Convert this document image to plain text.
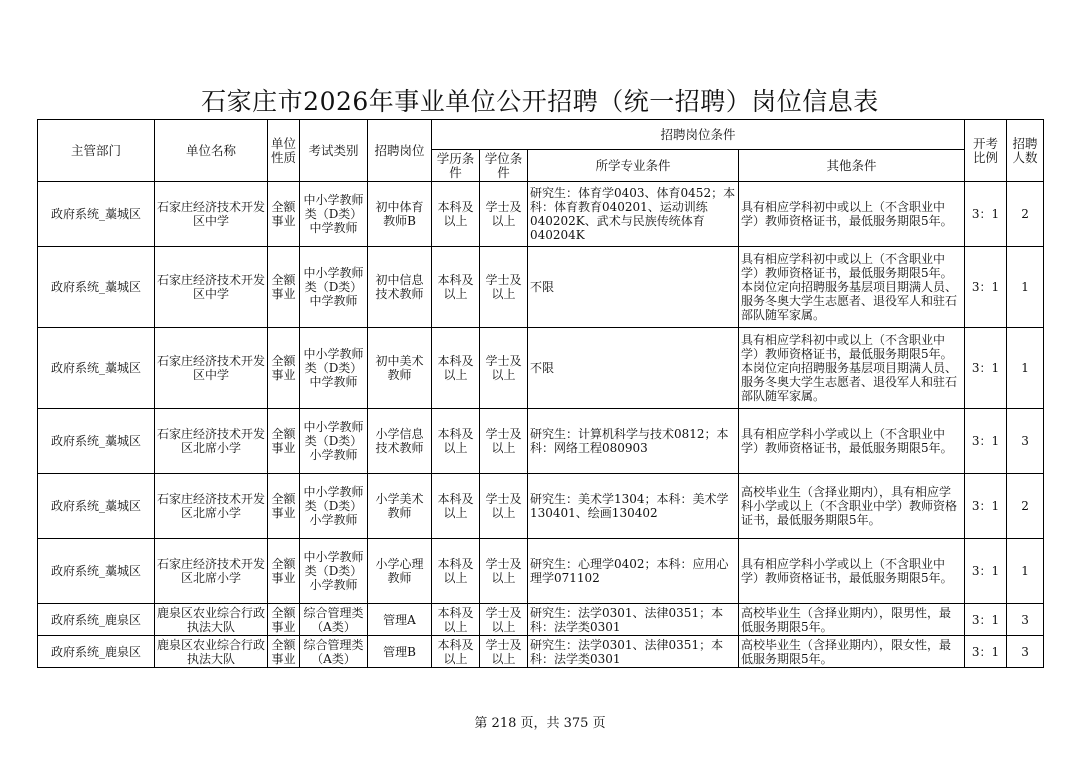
石家庄市2026年事业单位公开招聘（统一招聘）岗位信息表
主管部门	单位名称	单位性质	考试类别	招聘岗位	招聘岗位条件				开考比例	招聘人数
					学历条件	学位条件	所学专业条件	其他条件		
政府系统_藁城区	石家庄经济技术开发区中学	全额事业	中小学教师类（D类）中学教师	初中体育教师B	本科及以上	学士及以上	研究生：体育学0403、体育0452；本科：体育教育040201、运动训练040202K、武术与民族传统体育040204K	具有相应学科初中或以上（不含职业中学）教师资格证书，最低服务期限5年。	3：1	2
政府系统_藁城区	石家庄经济技术开发区中学	全额事业	中小学教师类（D类）中学教师	初中信息技术教师	本科及以上	学士及以上	不限	具有相应学科初中或以上（不含职业中学）教师资格证书，最低服务期限5年。本岗位定向招聘服务基层项目期满人员、服务冬奥大学生志愿者、退役军人和驻石部队随军家属。	3：1	1
政府系统_藁城区	石家庄经济技术开发区中学	全额事业	中小学教师类（D类）中学教师	初中美术教师	本科及以上	学士及以上	不限	具有相应学科初中或以上（不含职业中学）教师资格证书，最低服务期限5年。本岗位定向招聘服务基层项目期满人员、服务冬奥大学生志愿者、退役军人和驻石部队随军家属。	3：1	1
政府系统_藁城区	石家庄经济技术开发区北席小学	全额事业	中小学教师类（D类）小学教师	小学信息技术教师	本科及以上	学士及以上	研究生：计算机科学与技术0812；本科：网络工程080903	具有相应学科小学或以上（不含职业中学）教师资格证书，最低服务期限5年。	3：1	3
政府系统_藁城区	石家庄经济技术开发区北席小学	全额事业	中小学教师类（D类）小学教师	小学美术教师	本科及以上	学士及以上	研究生：美术学1304；本科：美术学130401、绘画130402	高校毕业生（含择业期内），具有相应学科小学或以上（不含职业中学）教师资格证书，最低服务期限5年。	3：1	2
政府系统_藁城区	石家庄经济技术开发区北席小学	全额事业	中小学教师类（D类）小学教师	小学心理教师	本科及以上	学士及以上	研究生：心理学0402；本科：应用心理学071102	具有相应学科小学或以上（不含职业中学）教师资格证书，最低服务期限5年。	3：1	1
政府系统_鹿泉区	鹿泉区农业综合行政执法大队	全额事业	综合管理类（A类）	管理A	本科及以上	学士及以上	研究生：法学0301、法律0351；本科：法学类0301	高校毕业生（含择业期内），限男性，最低服务期限5年。	3：1	3
政府系统_鹿泉区	鹿泉区农业综合行政执法大队	全额事业	综合管理类（A类）	管理B	本科及以上	学士及以上	研究生：法学0301、法律0351；本科：法学类0301	高校毕业生（含择业期内），限女性，最低服务期限5年。	3：1	3
第 218 页，共 375 页
